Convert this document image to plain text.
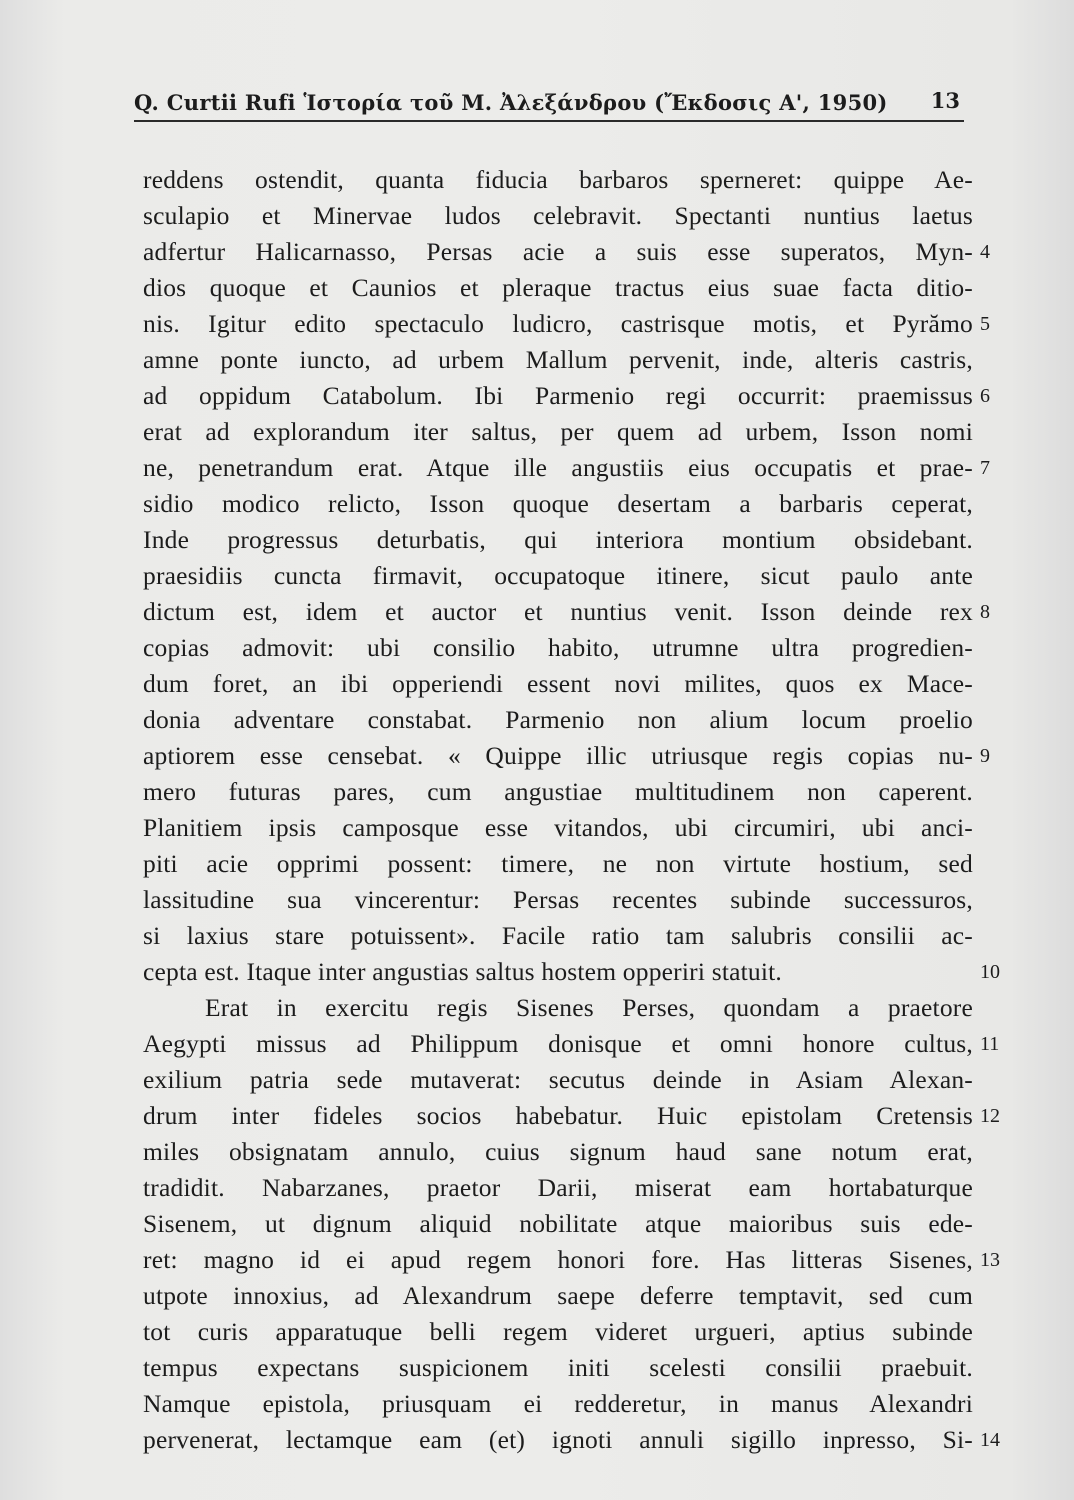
Q. Curtii Rufi Ἱστορία τοῦ Μ. Ἀλεξάνδρου (Ἔκδοσις Α', 1950) 13
reddens ostendit, quanta fiducia barbaros sperneret: quippe Ae-
sculapio et Minervae ludos celebravit. Spectanti nuntius laetus
adfertur Halicarnasso, Persas acie a suis esse superatos, Myn-
dios quoque et Caunios et pleraque tractus eius suae facta ditio-
nis. Igitur edito spectaculo ludicro, castrisque motis, et Pyrămo
amne ponte iuncto, ad urbem Mallum pervenit, inde, alteris castris,
ad oppidum Catabolum. Ibi Parmenio regi occurrit: praemissus
erat ad explorandum iter saltus, per quem ad urbem, Isson nomi
ne, penetrandum erat. Atque ille angustiis eius occupatis et prae-
sidio modico relicto, Isson quoque desertam a barbaris ceperat,
Inde progressus deturbatis, qui interiora montium obsidebant.
praesidiis cuncta firmavit, occupatoque itinere, sicut paulo ante
dictum est, idem et auctor et nuntius venit. Isson deinde rex
copias admovit: ubi consilio habito, utrumne ultra progredien-
dum foret, an ibi opperiendi essent novi milites, quos ex Mace-
donia adventare constabat. Parmenio non alium locum proelio
aptiorem esse censebat. « Quippe illic utriusque regis copias nu-
mero futuras pares, cum angustiae multitudinem non caperent.
Planitiem ipsis camposque esse vitandos, ubi circumiri, ubi anci-
piti acie opprimi possent: timere, ne non virtute hostium, sed
lassitudine sua vincerentur: Persas recentes subinde successuros,
si laxius stare potuissent». Facile ratio tam salubris consilii ac-
cepta est. Itaque inter angustias saltus hostem opperiri statuit.
Erat in exercitu regis Sisenes Perses, quondam a praetore
Aegypti missus ad Philippum donisque et omni honore cultus,
exilium patria sede mutaverat: secutus deinde in Asiam Alexan-
drum inter fideles socios habebatur. Huic epistolam Cretensis
miles obsignatam annulo, cuius signum haud sane notum erat,
tradidit. Nabarzanes, praetor Darii, miserat eam hortabaturque
Sisenem, ut dignum aliquid nobilitate atque maioribus suis ede-
ret: magno id ei apud regem honori fore. Has litteras Sisenes,
utpote innoxius, ad Alexandrum saepe deferre temptavit, sed cum
tot curis apparatuque belli regem videret urgueri, aptius subinde
tempus expectans suspicionem initi scelesti consilii praebuit.
Namque epistola, priusquam ei redderetur, in manus Alexandri
pervenerat, lectamque eam (et) ignoti annuli sigillo inpresso, Si-
4
5
6
7
8
9
10
11
12
13
14
